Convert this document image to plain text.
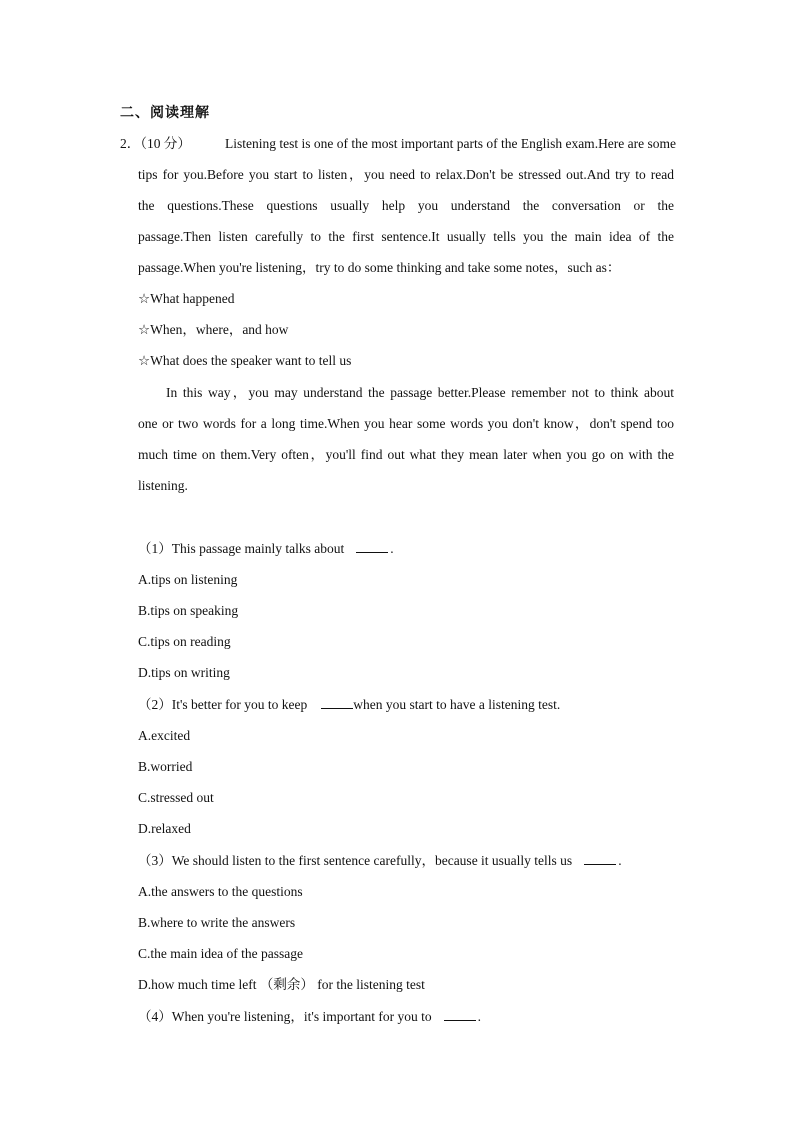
二、阅读理解
2．（10 分）	Listening test is one of the most important parts of the English exam.Here are some
tips for you.Before you start to listen，you need to relax.Don't be stressed out.And try to read
the questions.These questions usually help you understand the conversation or the
passage.Then listen carefully to the first sentence.It usually tells you the main idea of the
passage.When you're listening，try to do some thinking and take some notes，such as：
☆What happened
☆When，where，and how
☆What does the speaker want to tell us
In this way，you may understand the passage better.Please remember not to think about
one or two words for a long time.When you hear some words you don't know，don't spend too
much time on them.Very often，you'll find out what they mean later when you go on with the
listening.
（1）This passage mainly talks about	.
A.tips on listening
B.tips on speaking
C.tips on reading
D.tips on writing
（2）It's better for you to keep	when you start to have a listening test.
A.excited
B.worried
C.stressed out
D.relaxed
（3）We should listen to the first sentence carefully，because it usually tells us	.
A.the answers to the questions
B.where to write the answers
C.the main idea of the passage
D.how much time left （剩余） for the listening test
（4）When you're listening，it's important for you to	.
